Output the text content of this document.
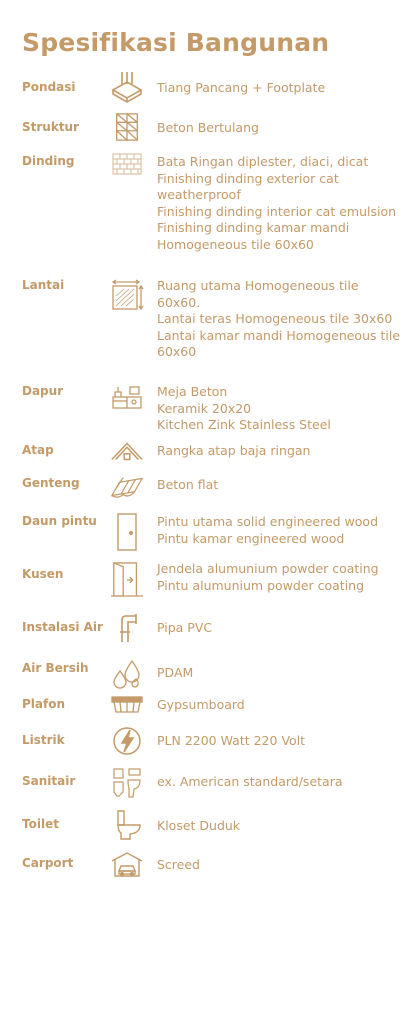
Spesifikasi Bangunan
Pondasi	Tiang Pancang + Footplate
Struktur	Beton Bertulang
Dinding	Bata Ringan diplester, diaci, dicat
Finishing dinding exterior cat weatherproof
Finishing dinding interior cat emulsion
Finishing dinding kamar mandi Homogeneous tile 60x60
Lantai	Ruang utama Homogeneous tile 60x60.
Lantai teras Homogeneous tile 30x60
Lantai kamar mandi Homogeneous tile 60x60
Dapur	Meja Beton
Keramik 20x20
Kitchen Zink Stainless Steel
Atap	Rangka atap baja ringan
Genteng	Beton flat
Daun pintu	Pintu utama solid engineered wood
Pintu kamar engineered wood
Kusen	Jendela alumunium powder coating
Pintu alumunium powder coating
Instalasi Air	Pipa PVC
Air Bersih	PDAM
Plafon	Gypsumboard
Listrik	PLN 2200 Watt 220 Volt
Sanitair	ex. American standard/setara
Toilet	Kloset Duduk
Carport	Screed
